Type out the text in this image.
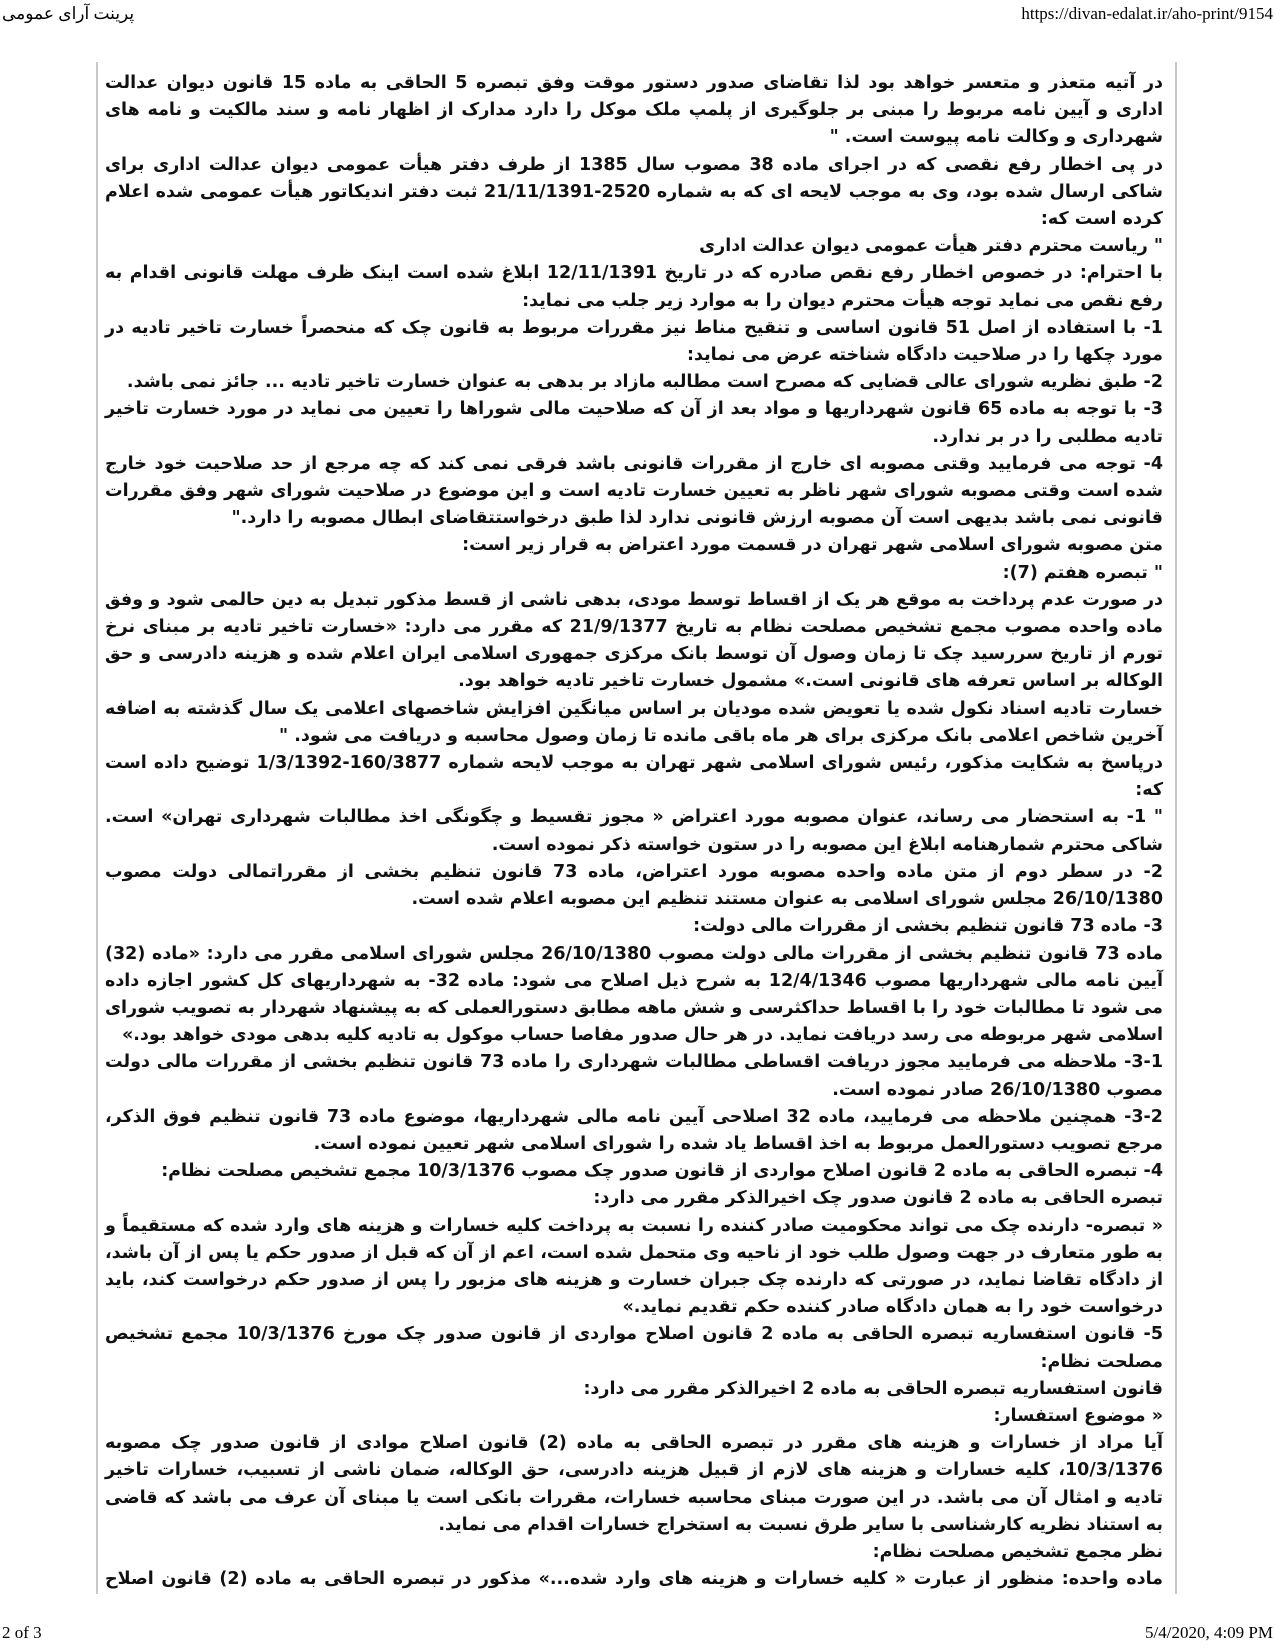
پرینت آرای عمومی	https://divan-edalat.ir/aho-print/9154

در آتیه متعذر و متعسر خواهد بود لذا تقاضای صدور دستور موقت وفق تبصره 5 الحاقی به ماده 15 قانون دیوان عدالت اداری و آیین نامه مربوط را مبنی بر جلوگیری از پلمپ ملک موکل را دارد مدارک از اظهار نامه و سند مالکیت و نامه های شهرداری و وکالت نامه پیوست است. "

در پی اخطار رفع نقصی که در اجرای ماده 38 مصوب سال 1385 از طرف دفتر هیأت عمومی دیوان عدالت اداری برای شاکی ارسال شده بود، وی به موجب لایحه ای که به شماره 2520-21/11/1391 ثبت دفتر اندیکاتور هیأت عمومی شده اعلام کرده است که:

" ریاست محترم دفتر هیأت عمومی دیوان عدالت اداری

با احترام: در خصوص اخطار رفع نقص صادره که در تاریخ 12/11/1391 ابلاغ شده است اینک ظرف مهلت قانونی اقدام به رفع نقص می نماید توجه هیأت محترم دیوان را به موارد زیر جلب می نماید:

1- با استفاده از اصل 51 قانون اساسی و تنقیح مناط نیز مقررات مربوط به قانون چک که منحصراً خسارت تاخیر تادیه در مورد چکها را در صلاحیت دادگاه شناخته عرض می نماید:

2- طبق نظریه شورای عالی قضایی که مصرح است مطالبه مازاد بر بدهی به عنوان خسارت تاخیر تادیه ... جائز نمی باشد.

3- با توجه به ماده 65 قانون شهرداریها و مواد بعد از آن که صلاحیت مالی شوراها را تعیین می نماید در مورد خسارت تاخیر تادیه مطلبی را در بر ندارد.

4- توجه می فرمایید وقتی مصوبه ای خارج از مقررات قانونی باشد فرقی نمی کند که چه مرجع از حد صلاحیت خود خارج شده است وقتی مصوبه شورای شهر ناظر به تعیین خسارت تادیه است و این موضوع در صلاحیت شورای شهر وفق مقررات قانونی نمی باشد بدیهی است آن مصوبه ارزش قانونی ندارد لذا طبق درخواستتقاضای ابطال مصوبه را دارد."

متن مصوبه شورای اسلامی شهر تهران در قسمت مورد اعتراض به قرار زیر است:

" تبصره هفتم (7):

در صورت عدم پرداخت به موقع هر یک از اقساط توسط مودی، بدهی ناشی از قسط مذکور تبدیل به دین حالمی شود و وفق ماده واحده مصوب مجمع تشخیص مصلحت نظام به تاریخ 21/9/1377 که مقرر می دارد: «خسارت تاخیر تادیه بر مبنای نرخ تورم از تاریخ سررسید چک تا زمان وصول آن توسط بانک مرکزی جمهوری اسلامی ایران اعلام شده و هزینه دادرسی و حق الوکاله بر اساس تعرفه های قانونی است.» مشمول خسارت تاخیر تادیه خواهد بود.

خسارت تادیه اسناد نکول شده یا تعویض شده مودیان بر اساس میانگین افزایش شاخصهای اعلامی یک سال گذشته به اضافه آخرین شاخص اعلامی بانک مرکزی برای هر ماه باقی مانده تا زمان وصول محاسبه و دریافت می شود. "

درپاسخ به شکایت مذکور، رئیس شورای اسلامی شهر تهران به موجب لایحه شماره 160/3877-1/3/1392 توضیح داده است که:

" 1- به استحضار می رساند، عنوان مصوبه مورد اعتراض « مجوز تقسیط و چگونگی اخذ مطالبات شهرداری تهران» است. شاکی محترم شمارهنامه ابلاغ این مصوبه را در ستون خواسته ذکر نموده است.

2- در سطر دوم از متن ماده واحده مصوبه مورد اعتراض، ماده 73 قانون تنظیم بخشی از مقرراتمالی دولت مصوب 26/10/1380 مجلس شورای اسلامی به عنوان مستند تنظیم این مصوبه اعلام شده است.

3- ماده 73 قانون تنظیم بخشی از مقررات مالی دولت:

ماده 73 قانون تنظیم بخشی از مقررات مالی دولت مصوب 26/10/1380 مجلس شورای اسلامی مقرر می دارد: «ماده (32) آیین نامه مالی شهرداریها مصوب 12/4/1346 به شرح ذیل اصلاح می شود: ماده 32- به شهرداریهای کل کشور اجازه داده می شود تا مطالبات خود را با اقساط حداکثرسی و شش ماهه مطابق دستورالعملی که به پیشنهاد شهردار به تصویب شورای اسلامی شهر مربوطه می رسد دریافت نماید. در هر حال صدور مفاصا حساب موکول به تادیه کلیه بدهی مودی خواهد بود.»

3-1- ملاحظه می فرمایید مجوز دریافت اقساطی مطالبات شهرداری را ماده 73 قانون تنظیم بخشی از مقررات مالی دولت مصوب 26/10/1380 صادر نموده است.

3-2- همچنین ملاحظه می فرمایید، ماده 32 اصلاحی آیین نامه مالی شهرداریها، موضوع ماده 73 قانون تنظیم فوق الذکر، مرجع تصویب دستورالعمل مربوط به اخذ اقساط یاد شده را شورای اسلامی شهر تعیین نموده است.

4- تبصره الحاقی به ماده 2 قانون اصلاح مواردی از قانون صدور چک مصوب 10/3/1376 مجمع تشخیص مصلحت نظام:

تبصره الحاقی به ماده 2 قانون صدور چک اخیرالذکر مقرر می دارد:

« تبصره- دارنده چک می تواند محکومیت صادر کننده را نسبت به پرداخت کلیه خسارات و هزینه های وارد شده که مستقیماً و به طور متعارف در جهت وصول طلب خود از ناحیه وی متحمل شده است، اعم از آن که قبل از صدور حکم یا پس از آن باشد، از دادگاه تقاضا نماید، در صورتی که دارنده چک جبران خسارت و هزینه های مزبور را پس از صدور حکم درخواست کند، باید درخواست خود را به همان دادگاه صادر کننده حکم تقدیم نماید.»

5- قانون استفساریه تبصره الحاقی به ماده 2 قانون اصلاح مواردی از قانون صدور چک مورخ 10/3/1376 مجمع تشخیص مصلحت نظام:

قانون استفساریه تبصره الحاقی به ماده 2 اخیرالذکر مقرر می دارد:

« موضوع استفسار:

آیا مراد از خسارات و هزینه های مقرر در تبصره الحاقی به ماده (2) قانون اصلاح موادی از قانون صدور چک مصوبه 10/3/1376، کلیه خسارات و هزینه های لازم از قبیل هزینه دادرسی، حق الوکاله، ضمان ناشی از تسبیب، خسارات تاخیر تادیه و امثال آن می باشد. در این صورت مبنای محاسبه خسارات، مقررات بانکی است یا مبنای آن عرف می باشد که قاضی به استناد نظریه کارشناسی با سایر طرق نسبت به استخراج خسارات اقدام می نماید.

نظر مجمع تشخیص مصلحت نظام:

ماده واحده: منظور از عبارت « کلیه خسارات و هزینه های وارد شده...» مذکور در تبصره الحاقی به ماده (2) قانون اصلاح

2 of 3	5/4/2020, 4:09 PM
